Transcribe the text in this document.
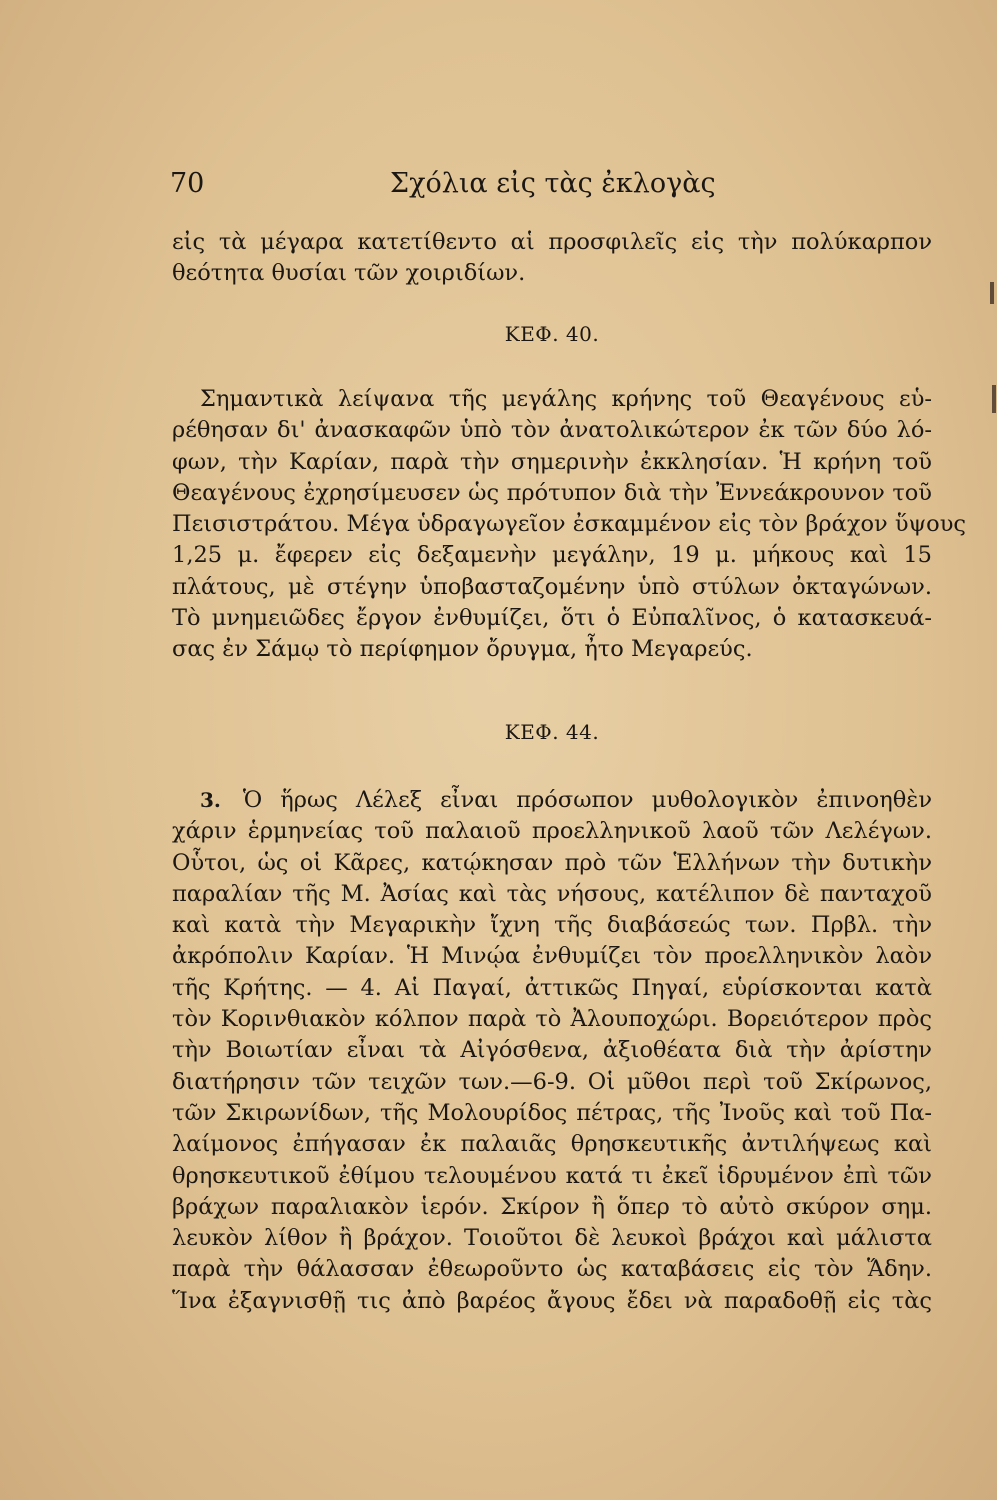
70	Σχόλια εἰς τὰς ἐκλογὰς
εἰς τὰ μέγαρα κατετίθεντο αἱ προσφιλεῖς εἰς τὴν πολύκαρπον
θεότητα θυσίαι τῶν χοιριδίων.
ΚΕΦ. 40.
Σημαντικὰ λείψανα τῆς μεγάλης κρήνης τοῦ Θεαγένους εὑ-
ρέθησαν δι' ἀνασκαφῶν ὑπὸ τὸν ἀνατολικώτερον ἐκ τῶν δύο λό-
φων, τὴν Καρίαν, παρὰ τὴν σημερινὴν ἐκκλησίαν. Ἡ κρήνη τοῦ
Θεαγένους ἐχρησίμευσεν ὡς πρότυπον διὰ τὴν Ἐννεάκρουνον τοῦ
Πεισιστράτου. Μέγα ὑδραγωγεῖον ἐσκαμμένον εἰς τὸν βράχον ὕψους
1,25 μ. ἔφερεν εἰς δεξαμενὴν μεγάλην, 19 μ. μήκους καὶ 15
πλάτους, μὲ στέγην ὑποβασταζομένην ὑπὸ στύλων ὀκταγώνων.
Τὸ μνημειῶδες ἔργον ἐνθυμίζει, ὅτι ὁ Εὐπαλῖνος, ὁ κατασκευά-
σας ἐν Σάμῳ τὸ περίφημον ὄρυγμα, ἦτο Μεγαρεύς.
ΚΕΦ. 44.
3. Ὁ ἥρως Λέλεξ εἶναι πρόσωπον μυθολογικὸν ἐπινοηθὲν
χάριν ἑρμηνείας τοῦ παλαιοῦ προελληνικοῦ λαοῦ τῶν Λελέγων.
Οὗτοι, ὡς οἱ Κᾶρες, κατῴκησαν πρὸ τῶν Ἑλλήνων τὴν δυτικὴν
παραλίαν τῆς Μ. Ἀσίας καὶ τὰς νήσους, κατέλιπον δὲ πανταχοῦ
καὶ κατὰ τὴν Μεγαρικὴν ἴχνη τῆς διαβάσεώς των. Πρβλ. τὴν
ἀκρόπολιν Καρίαν. Ἡ Μινῴα ἐνθυμίζει τὸν προελληνικὸν λαὸν
τῆς Κρήτης. — 4. Αἱ Παγαί, ἀττικῶς Πηγαί, εὑρίσκονται κατὰ
τὸν Κορινθιακὸν κόλπον παρὰ τὸ Ἀλουποχώρι. Βορειότερον πρὸς
τὴν Βοιωτίαν εἶναι τὰ Αἰγόσθενα, ἀξιοθέατα διὰ τὴν ἀρίστην
διατήρησιν τῶν τειχῶν των.—6-9. Οἱ μῦθοι περὶ τοῦ Σκίρωνος,
τῶν Σκιρωνίδων, τῆς Μολουρίδος πέτρας, τῆς Ἰνοῦς καὶ τοῦ Πα-
λαίμονος ἐπήγασαν ἐκ παλαιᾶς θρησκευτικῆς ἀντιλήψεως καὶ
θρησκευτικοῦ ἐθίμου τελουμένου κατά τι ἐκεῖ ἱδρυμένον ἐπὶ τῶν
βράχων παραλιακὸν ἱερόν. Σκίρον ἢ ὅπερ τὸ αὐτὸ σκύρον σημ.
λευκὸν λίθον ἢ βράχον. Τοιοῦτοι δὲ λευκοὶ βράχοι καὶ μάλιστα
παρὰ τὴν θάλασσαν ἐθεωροῦντο ὡς καταβάσεις εἰς τὸν Ἅδην.
Ἵνα ἐξαγνισθῇ τις ἀπὸ βαρέος ἄγους ἔδει νὰ παραδοθῇ εἰς τὰς
